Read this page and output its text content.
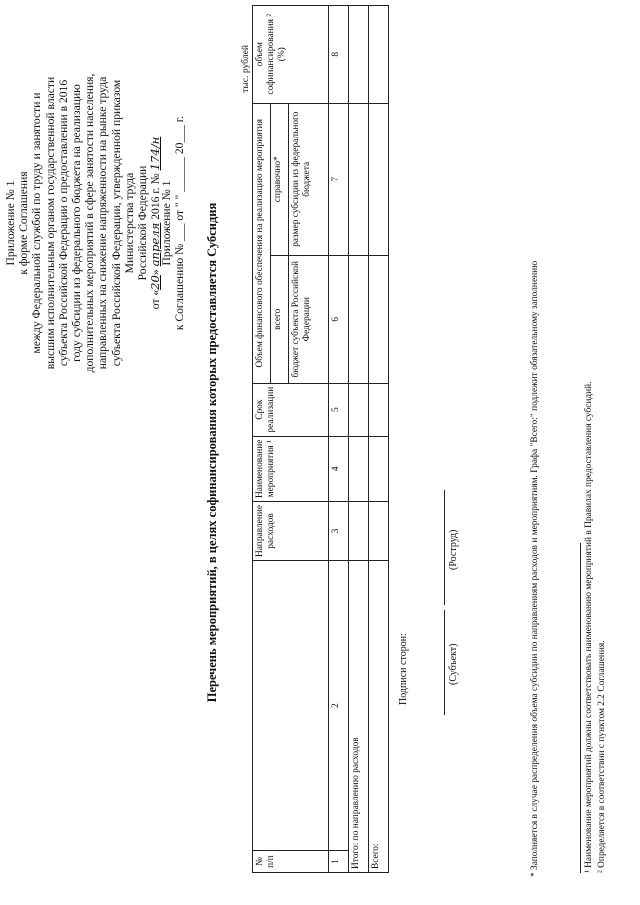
Приложение № 1 к форме Соглашения между Федеральной службой по труду и занятости и высшим исполнительным органом государственной власти субъекта Российской Федерации о предоставлении в 2016 году субсидии из федерального бюджета на реализацию дополнительных мероприятий в сфере занятости населения, направленных на снижение напряженности на рынке труда субъекта Российской Федерации, утвержденной приказом Министерства труда Российской Федерации
от «20» апреля 2016 г. № 174/н
Приложение № 1 к Соглашению № ___ от " " ______ 20___ г. Перечень мероприятий, в целях софинансирования которых предоставляется Субсидия
тыс. рублей
№ п/п		Направление расходов	Наименование мероприятия ¹	Срок реализации	Объем финансового обеспечения на реализацию мероприятия		объем софинансирования ² (%)
					всего	справочно*	
					бюджет субъекта Российской Федерации	размер субсидии из федерального бюджета	
1	2	3	4	5	6	7	8
Итого: по направлению расходов							
Всего:							
Подписи сторон:	(Субъект)
(Роструд)	* Заполняется в случае распределения объема субсидии по направлениям расходов и мероприятиям. Графа "Всего:" подлежит обязательному заполнению	¹ Наименование мероприятий должны соответствовать наименованию мероприятий в Правилах предоставления субсидий. ² Определяется в соответствии с пунктом 2.2 Соглашения.
